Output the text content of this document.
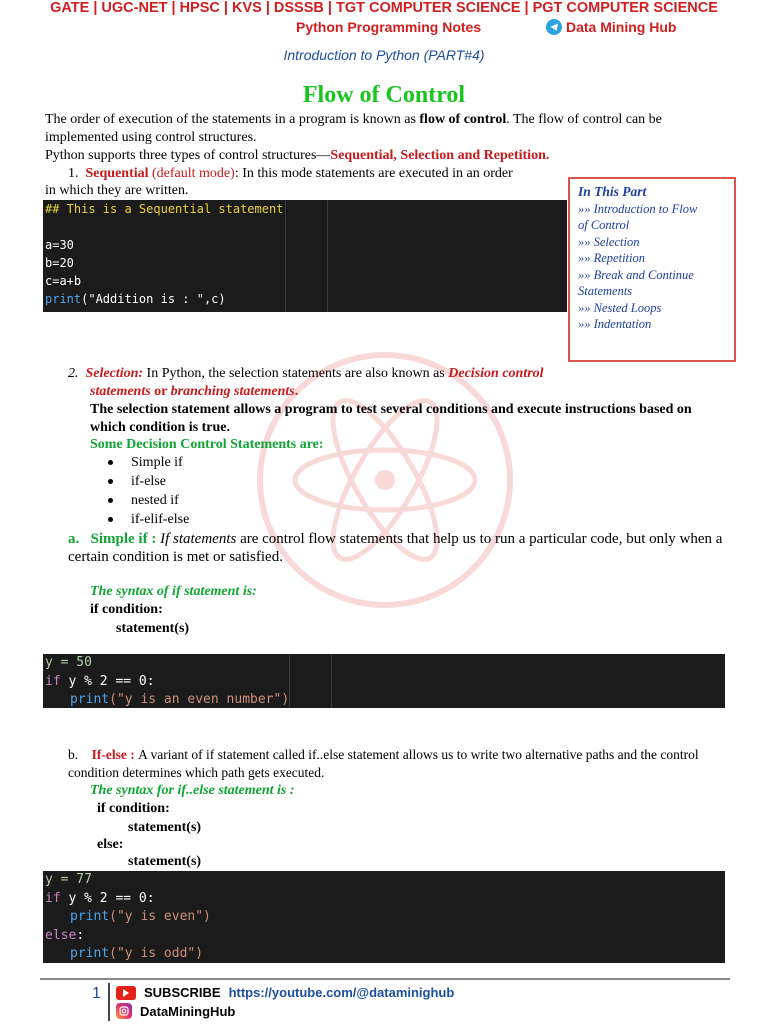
GATE | UGC-NET | HPSC | KVS | DSSSB | TGT COMPUTER SCIENCE | PGT COMPUTER SCIENCE
Python Programming Notes	Data Mining Hub
Introduction to Python (PART#4)
Flow of Control
The order of execution of the statements in a program is known as flow of control. The flow of control can be implemented using control structures.
Python supports three types of control structures—Sequential, Selection and Repetition.
1. Sequential (default mode): In this mode statements are executed in an order
in which they are written.
## This is a Sequential statement

a=30
b=20
c=a+b
print("Addition is : ",c)
In This Part
»» Introduction to Flow
of Control
»» Selection
»» Repetition
»» Break and Continue
Statements
»» Nested Loops
»» Indentation
2. Selection: In Python, the selection statements are also known as Decision control
statements or branching statements.
The selection statement allows a program to test several conditions and execute instructions based on which condition is true.
Some Decision Control Statements are:
Simple if
if-else
nested if
if-elif-else
a. Simple if : If statements are control flow statements that help us to run a particular code, but only when a certain condition is met or satisfied.
The syntax of if statement is:
if condition:
statement(s)
y = 50
if y % 2 == 0:
print("y is an even number")
b. If-else : A variant of if statement called if..else statement allows us to write two alternative paths and the control condition determines which path gets executed.
The syntax for if..else statement is :
if condition:
statement(s)
else:
statement(s)
y = 77
if y % 2 == 0:
print("y is even")
else:
print("y is odd")
1	SUBSCRIBE https://youtube.com/@dataminighub
DataMiningHub
